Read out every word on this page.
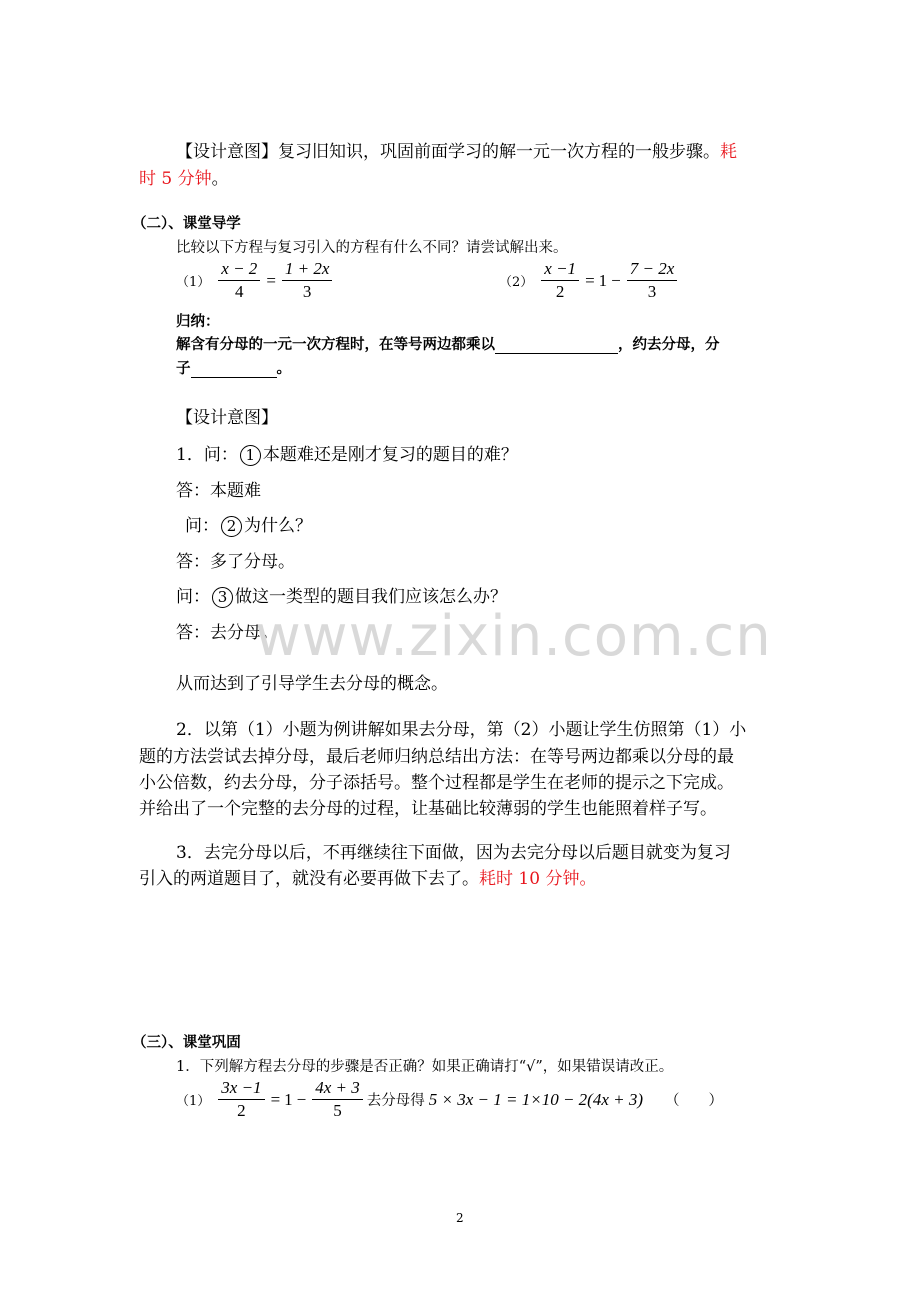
【设计意图】复习旧知识，巩固前面学习的解一元一次方程的一般步骤。耗
时 5 分钟。
（二）、课堂导学
比较以下方程与复习引入的方程有什么不同？请尝试解出来。
$(1) \frac{x - 2}{4} = \frac{1 + 2x}{3}$	$(2) \frac{x -1}{2} = 1 - \frac{7 - 2x}{3}$
归纳：
解含有分母的一元一次方程时，在等号两边都乘以	，约去分母，分
子	。
【设计意图】
1．问： 1 本题难还是刚才复习的题目的难？
答：本题难
问： 2 为什么？
答：多了分母。
问： 3 做这一类型的题目我们应该怎么办？
答：去分母。
www.zixin.com.cn
从而达到了引导学生去分母的概念。
2．以第（1）小题为例讲解如果去分母，第（2）小题让学生仿照第（1）小
题的方法尝试去掉分母，最后老师归纳总结出方法：在等号两边都乘以分母的最
小公倍数，约去分母，分子添括号。整个过程都是学生在老师的提示之下完成。
并给出了一个完整的去分母的过程，让基础比较薄弱的学生也能照着样子写。
3．去完分母以后，不再继续往下面做，因为去完分母以后题目就变为复习
引入的两道题目了，就没有必要再做下去了。耗时 10 分钟。
（三）、课堂巩固
1．下列解方程去分母的步骤是否正确？如果正确请打“√”，如果错误请改正。
$(1) \frac{3x -1}{2} = 1 - \frac{4x + 3}{5}$ 去分母得 5 × 3x − 1 = 1×10 − 2(4x + 3) （　　）
2
